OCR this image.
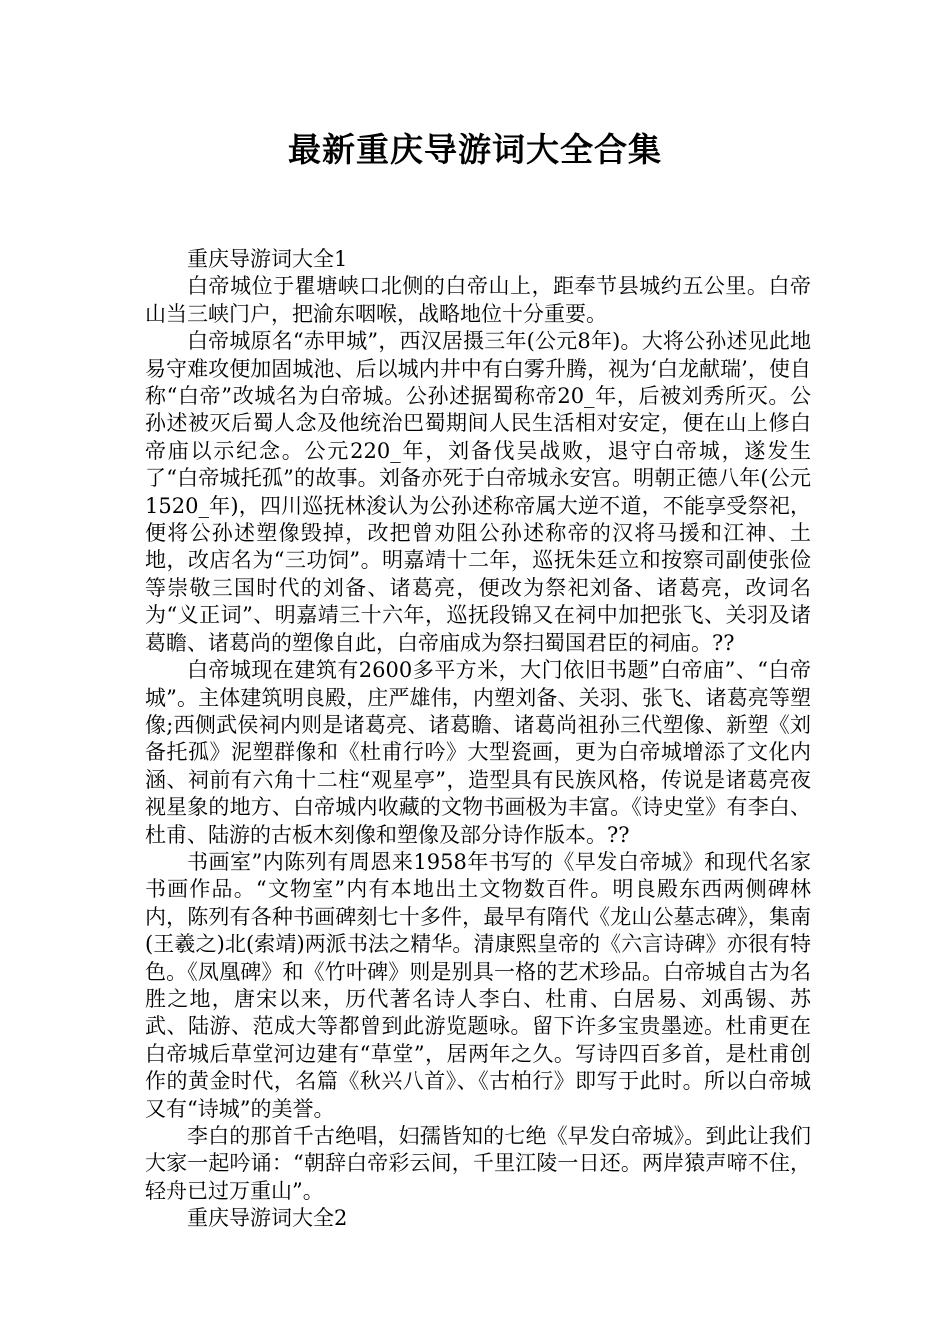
最新重庆导游词大全合集

重庆导游词大全1

白帝城位于瞿塘峡口北侧的白帝山上，距奉节县城约五公里。白帝山当三峡门户，把渝东咽喉，战略地位十分重要。

白帝城原名“赤甲城”，西汉居摄三年(公元8年)。大将公孙述见此地易守难攻便加固城池、后以城内井中有白雾升腾，视为‘白龙献瑞’，使自称“白帝”改城名为白帝城。公孙述据蜀称帝20_年，后被刘秀所灭。公孙述被灭后蜀人念及他统治巴蜀期间人民生活相对安定，便在山上修白帝庙以示纪念。公元220_年，刘备伐吴战败，退守白帝城，遂发生了“白帝城托孤”的故事。刘备亦死于白帝城永安宫。明朝正德八年(公元1520_年)，四川巡抚林浚认为公孙述称帝属大逆不道，不能享受祭祀，便将公孙述塑像毁掉，改把曾劝阻公孙述称帝的汉将马援和江神、土地，改店名为“三功饲”。明嘉靖十二年，巡抚朱廷立和按察司副使张俭等崇敬三国时代的刘备、诸葛亮，便改为祭祀刘备、诸葛亮，改词名为“义正词”、明嘉靖三十六年，巡抚段锦又在祠中加把张飞、关羽及诸葛瞻、诸葛尚的塑像自此，白帝庙成为祭扫蜀国君臣的祠庙。??

白帝城现在建筑有2600多平方米，大门依旧书题”白帝庙”、“白帝城”。主体建筑明良殿，庄严雄伟，内塑刘备、关羽、张飞、诸葛亮等塑像;西侧武侯祠内则是诸葛亮、诸葛瞻、诸葛尚祖孙三代塑像、新塑《刘备托孤》泥塑群像和《杜甫行吟》大型瓷画，更为白帝城增添了文化内涵、祠前有六角十二柱“观星亭”，造型具有民族风格，传说是诸葛亮夜视星象的地方、白帝城内收藏的文物书画极为丰富。《诗史堂》有李白、杜甫、陆游的古板木刻像和塑像及部分诗作版本。??

书画室”内陈列有周恩来1958年书写的《早发白帝城》和现代名家书画作品。“文物室”内有本地出土文物数百件。明良殿东西两侧碑林内，陈列有各种书画碑刻七十多件，最早有隋代《龙山公墓志碑》，集南(王羲之)北(索靖)两派书法之精华。清康熙皇帝的《六言诗碑》亦很有特色。《凤凰碑》和《竹叶碑》则是别具一格的艺术珍品。白帝城自古为名胜之地，唐宋以来，历代著名诗人李白、杜甫、白居易、刘禹锡、苏武、陆游、范成大等都曾到此游览题咏。留下许多宝贵墨迹。杜甫更在白帝城后草堂河边建有“草堂”，居两年之久。写诗四百多首，是杜甫创作的黄金时代，名篇《秋兴八首》、《古柏行》即写于此时。所以白帝城又有“诗城”的美誉。

李白的那首千古绝唱，妇孺皆知的七绝《早发白帝城》。到此让我们大家一起吟诵：“朝辞白帝彩云间，千里江陵一日还。两岸猿声啼不住，轻舟已过万重山”。

重庆导游词大全2
